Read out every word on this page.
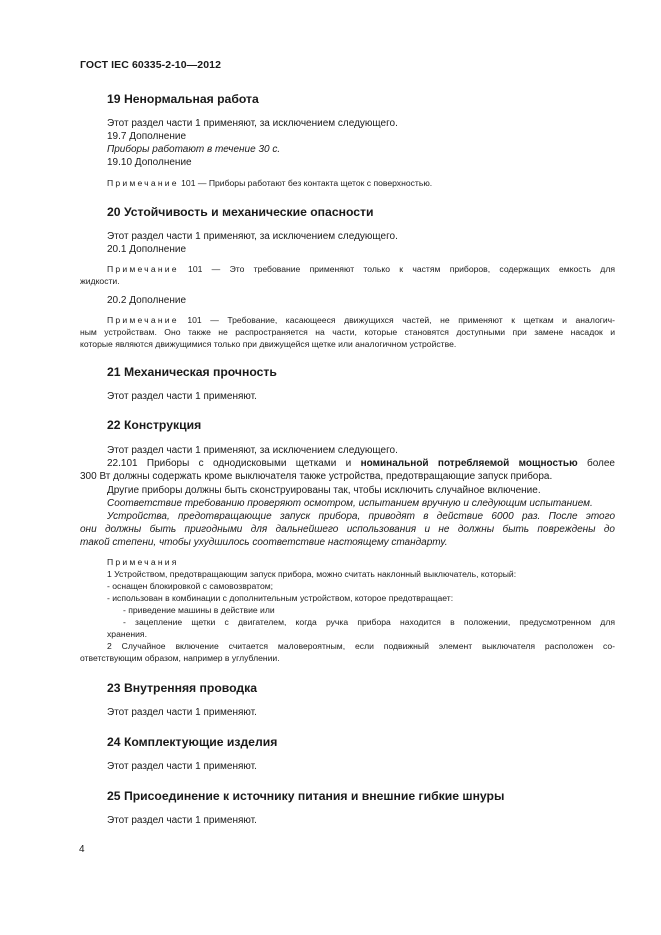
ГОСТ IEC 60335-2-10—2012
19 Ненормальная работа
Этот раздел части 1 применяют, за исключением следующего.
19.7 Дополнение
Приборы работают в течение 30 с.
19.10 Дополнение
Примечание 101 — Приборы работают без контакта щеток с поверхностью.
20 Устойчивость и механические опасности
Этот раздел части 1 применяют, за исключением следующего.
20.1 Дополнение
Примечание 101 — Это требование применяют только к частям приборов, содержащих емкость для
жидкости.
20.2 Дополнение
Примечание 101 — Требование, касающееся движущихся частей, не применяют к щеткам и аналогич-
ным устройствам. Оно также не распространяется на части, которые становятся доступными при замене насадок и
которые являются движущимися только при движущейся щетке или аналогичном устройстве.
21 Механическая прочность
Этот раздел части 1 применяют.
22 Конструкция
Этот раздел части 1 применяют, за исключением следующего.
22.101 Приборы с однодисковыми щетками и номинальной потребляемой мощностью более
300 Вт должны содержать кроме выключателя также устройства, предотвращающие запуск прибора.
Другие приборы должны быть сконструированы так, чтобы исключить случайное включение.
Соответствие требованию проверяют осмотром, испытанием вручную и следующим испытанием.
Устройства, предотвращающие запуск прибора, приводят в действие 6000 раз. После этого
они должны быть пригодными для дальнейшего использования и не должны быть повреждены до
такой степени, чтобы ухудшилось соответствие настоящему стандарту.
Примечания
1 Устройством, предотвращающим запуск прибора, можно считать наклонный выключатель, который:
- оснащен блокировкой с самовозвратом;
- использован в комбинации с дополнительным устройством, которое предотвращает:
- приведение машины в действие или
- зацепление щетки с двигателем, когда ручка прибора находится в положении, предусмотренном для
хранения.
2 Случайное включение считается маловероятным, если подвижный элемент выключателя расположен со-
ответствующим образом, например в углублении.
23 Внутренняя проводка
Этот раздел части 1 применяют.
24 Комплектующие изделия
Этот раздел части 1 применяют.
25 Присоединение к источнику питания и внешние гибкие шнуры
Этот раздел части 1 применяют.
4
